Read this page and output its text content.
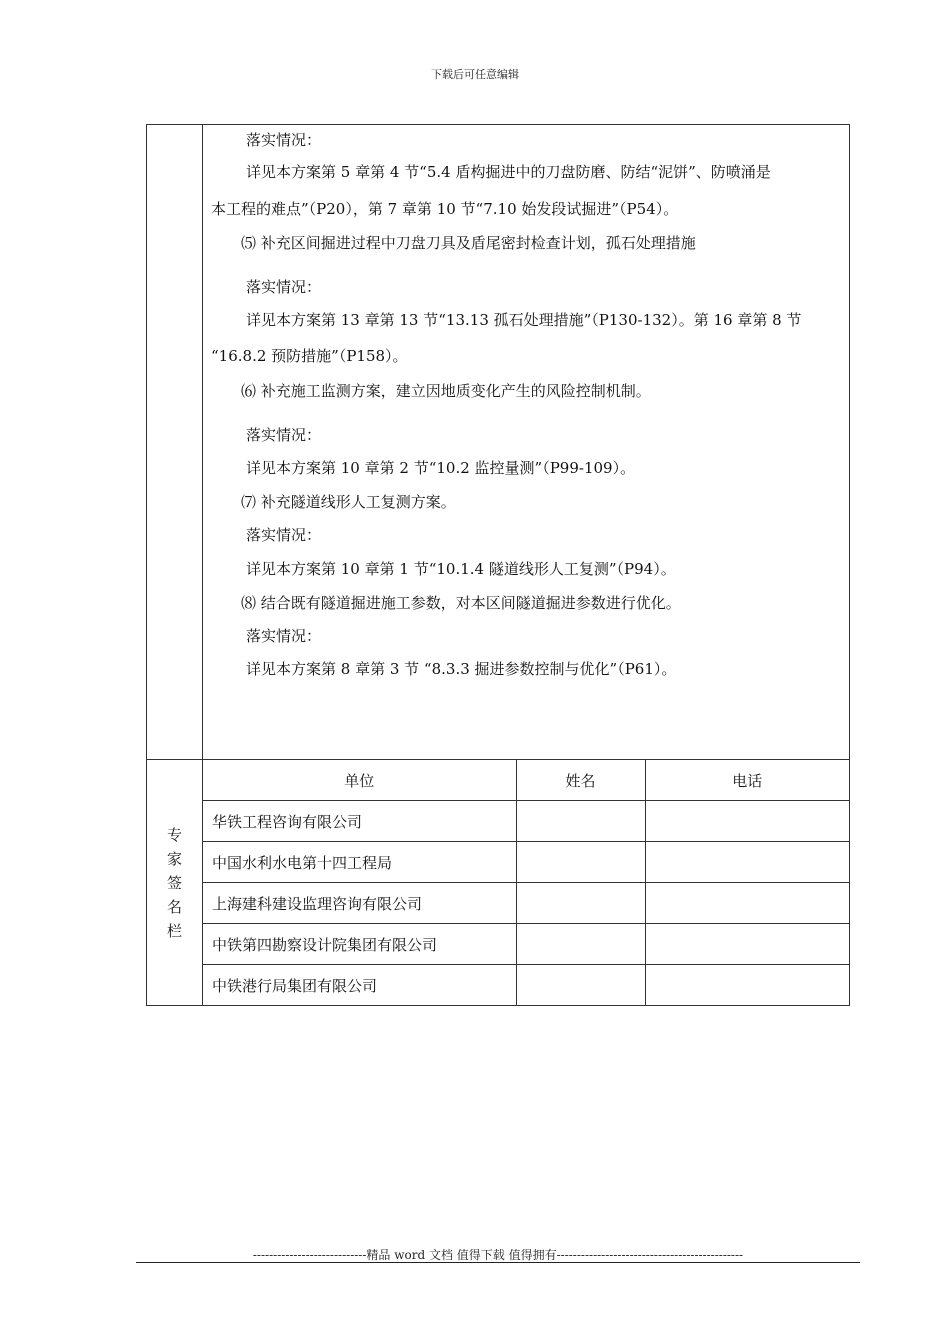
下载后可任意编辑

落实情况：
详见本方案第 5 章第 4 节“5.4 盾构掘进中的刀盘防磨、防结“泥饼”、防喷涌是
本工程的难点”（P20），第 7 章第 10 节“7.10 始发段试掘进”（P54）。
⑸ 补充区间掘进过程中刀盘刀具及盾尾密封检查计划，孤石处理措施
落实情况：
详见本方案第 13 章第 13 节“13.13 孤石处理措施”（P130-132）。第 16 章第 8 节
“16.8.2 预防措施”（P158）。
⑹ 补充施工监测方案，建立因地质变化产生的风险控制机制。
落实情况：
详见本方案第 10 章第 2 节“10.2 监控量测”（P99-109）。
⑺ 补充隧道线形人工复测方案。
落实情况：
详见本方案第 10 章第 1 节“10.1.4 隧道线形人工复测”（P94）。
⑻ 结合既有隧道掘进施工参数，对本区间隧道掘进参数进行优化。
落实情况：
详见本方案第 8 章第 3 节 “8.3.3 掘进参数控制与优化”（P61）。

专家签名栏	
单位	姓名	电话
华铁工程咨询有限公司		
中国水利水电第十四工程局		
上海建科建设监理咨询有限公司		
中铁第四勘察设计院集团有限公司		
中铁港行局集团有限公司		
----------------------------精品 word 文档 值得下载 值得拥有----------------------------------------------
